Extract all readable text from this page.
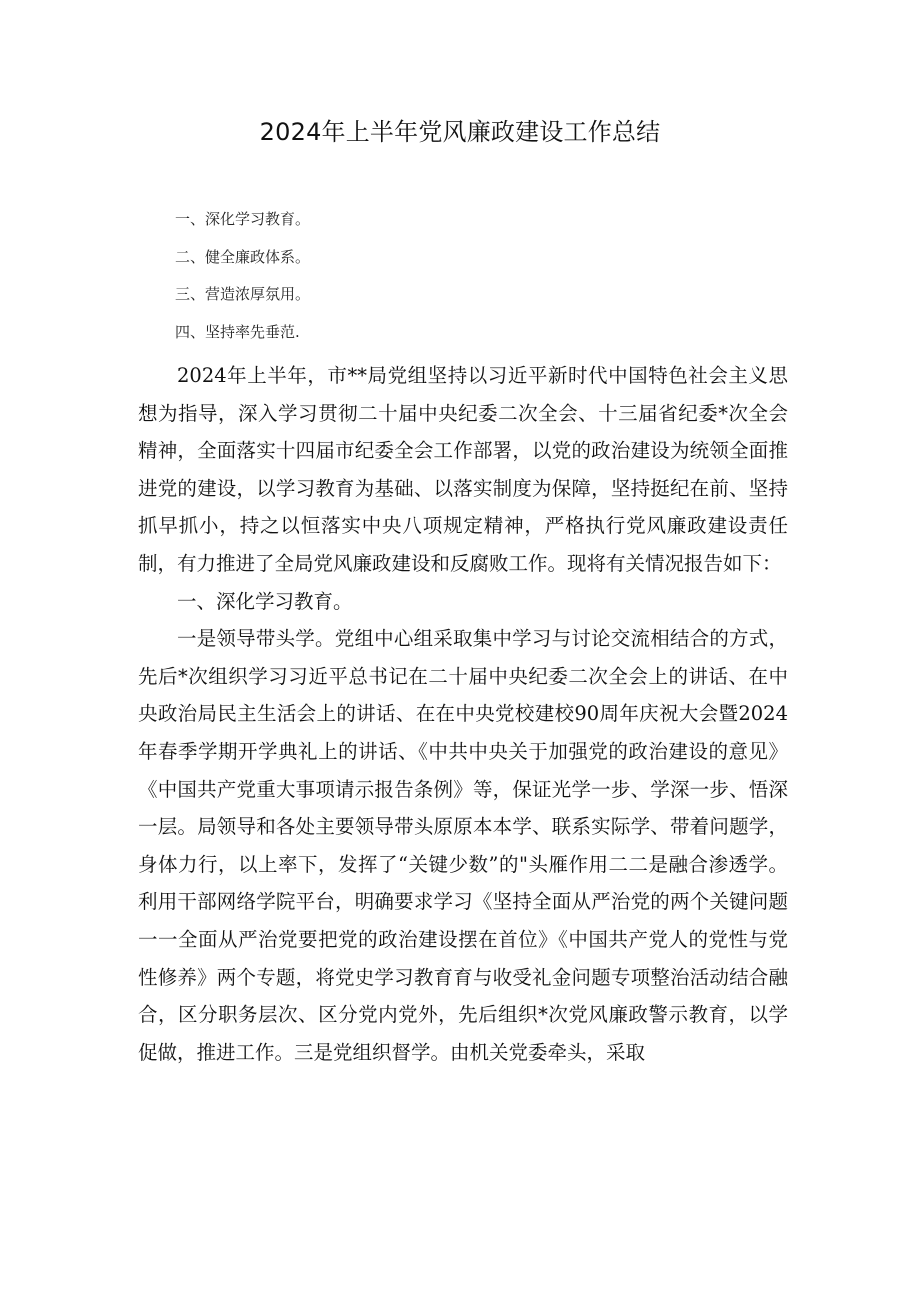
2024年上半年党风廉政建设工作总结
一、深化学习教育。
二、健全廉政体系。
三、营造浓厚氛用。
四、坚持率先垂范.

2024年上半年，市**局党组坚持以习近平新时代中国特色社会主义思想为指导，深入学习贯彻二十届中央纪委二次全会、十三届省纪委*次全会精神，全面落实十四届市纪委全会工作部署，以党的政治建设为统领全面推进党的建设，以学习教育为基础、以落实制度为保障，坚持挺纪在前、坚持抓早抓小，持之以恒落实中央八项规定精神，严格执行党风廉政建设责任制，有力推进了全局党风廉政建设和反腐败工作。现将有关情况报告如下：

一、深化学习教育。

一是领导带头学。党组中心组采取集中学习与讨论交流相结合的方式，先后*次组织学习习近平总书记在二十届中央纪委二次全会上的讲话、在中央政治局民主生活会上的讲话、在在中央党校建校90周年庆祝大会暨2024年春季学期开学典礼上的讲话、《中共中央关于加强党的政治建设的意见》《中国共产党重大事项请示报告条例》等，保证光学一步、学深一步、悟深一层。局领导和各处主要领导带头原原本本学、联系实际学、带着问题学，身体力行，以上率下，发挥了“关键少数”的"头雁作用二二是融合渗透学。利用干部网络学院平台，明确要求学习《坚持全面从严治党的两个关键问题一一全面从严治党要把党的政治建设摆在首位》《中国共产党人的党性与党性修养》两个专题，将党史学习教育育与收受礼金问题专项整治活动结合融合，区分职务层次、区分党内党外，先后组织*次党风廉政警示教育，以学促做，推进工作。三是党组织督学。由机关党委牵头，采取
